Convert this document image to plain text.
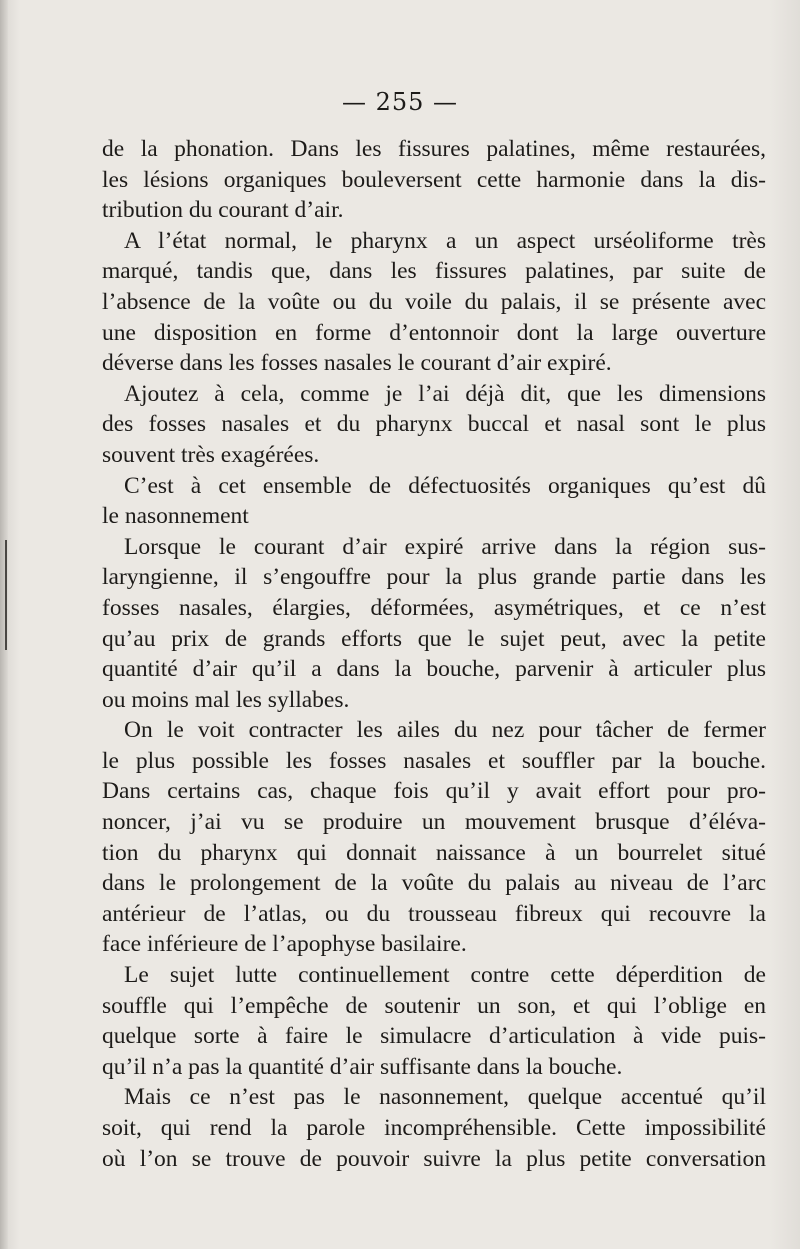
— 255 —
de la phonation. Dans les fissures palatines, même restaurées,
les lésions organiques bouleversent cette harmonie dans la dis-
tribution du courant d’air.
A l’état normal, le pharynx a un aspect urséoliforme très
marqué, tandis que, dans les fissures palatines, par suite de
l’absence de la voûte ou du voile du palais, il se présente avec
une disposition en forme d’entonnoir dont la large ouverture
déverse dans les fosses nasales le courant d’air expiré.
Ajoutez à cela, comme je l’ai déjà dit, que les dimensions
des fosses nasales et du pharynx buccal et nasal sont le plus
souvent très exagérées.
C’est à cet ensemble de défectuosités organiques qu’est dû
le nasonnement
Lorsque le courant d’air expiré arrive dans la région sus-
laryngienne, il s’engouffre pour la plus grande partie dans les
fosses nasales, élargies, déformées, asymétriques, et ce n’est
qu’au prix de grands efforts que le sujet peut, avec la petite
quantité d’air qu’il a dans la bouche, parvenir à articuler plus
ou moins mal les syllabes.
On le voit contracter les ailes du nez pour tâcher de fermer
le plus possible les fosses nasales et souffler par la bouche.
Dans certains cas, chaque fois qu’il y avait effort pour pro-
noncer, j’ai vu se produire un mouvement brusque d’éléva-
tion du pharynx qui donnait naissance à un bourrelet situé
dans le prolongement de la voûte du palais au niveau de l’arc
antérieur de l’atlas, ou du trousseau fibreux qui recouvre la
face inférieure de l’apophyse basilaire.
Le sujet lutte continuellement contre cette déperdition de
souffle qui l’empêche de soutenir un son, et qui l’oblige en
quelque sorte à faire le simulacre d’articulation à vide puis-
qu’il n’a pas la quantité d’air suffisante dans la bouche.
Mais ce n’est pas le nasonnement, quelque accentué qu’il
soit, qui rend la parole incompréhensible. Cette impossibilité
où l’on se trouve de pouvoir suivre la plus petite conversation
